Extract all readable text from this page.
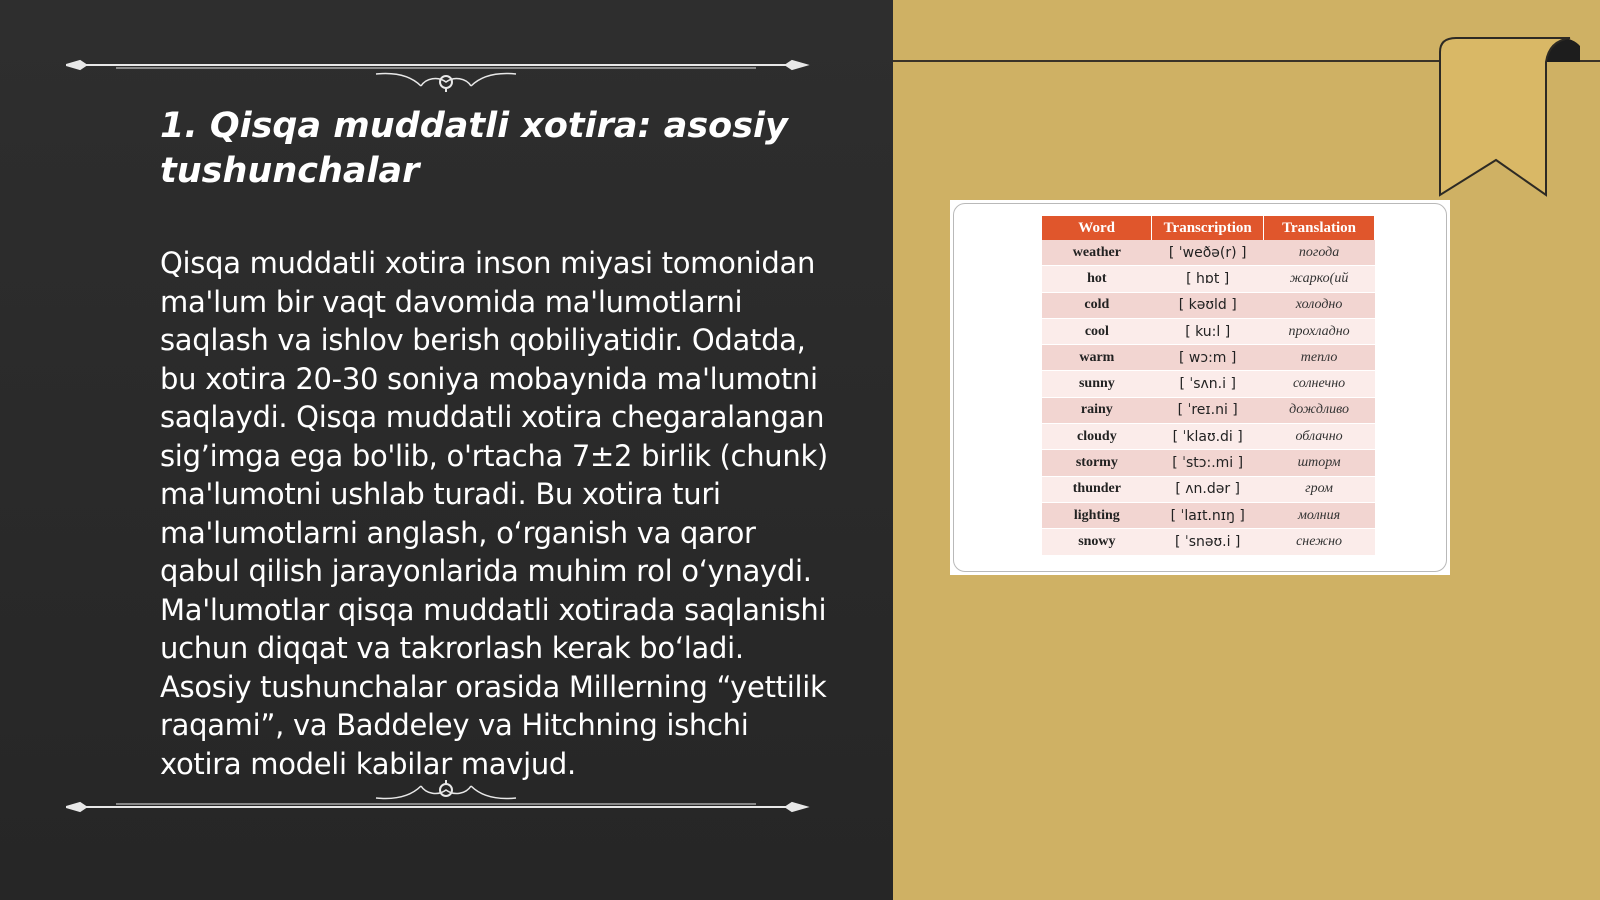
1. Qisqa muddatli xotira: asosiy tushunchalar

Qisqa muddatli xotira inson miyasi tomonidan ma'lum bir vaqt davomida ma'lumotlarni saqlash va ishlov berish qobiliyatidir. Odatda, bu xotira 20-30 soniya mobaynida ma'lumotni saqlaydi. Qisqa muddatli xotira chegaralangan sig’imga ega bo'lib, o'rtacha 7±2 birlik (chunk) ma'lumotni ushlab turadi. Bu xotira turi ma'lumotlarni anglash, o‘rganish va qaror qabul qilish jarayonlarida muhim rol o‘ynaydi. Ma'lumotlar qisqa muddatli xotirada saqlanishi uchun diqqat va takrorlash kerak bo‘ladi. Asosiy tushunchalar orasida Millerning “yettilik raqami”, va Baddeley va Hitchning ishchi xotira modeli kabilar mavjud.

Word	Transcription	Translation
weather	[ ˈweðə(r) ]	погода
hot	[ hɒt ]	жарко(ий
cold	[ kəʊld ]	холодно
cool	[ ku:l ]	прохладно
warm	[ wɔ:m ]	тепло
sunny	[ ˈsʌn.i ]	солнечно
rainy	[ ˈreɪ.ni ]	дождливо
cloudy	[ ˈklaʊ.di ]	облачно
stormy	[ ˈstɔ:.mi ]	шторм
thunder	[ ʌn.dər ]	гром
lighting	[ ˈlaɪt.nɪŋ ]	молния
snowy	[ ˈsnəʊ.i ]	снежно
